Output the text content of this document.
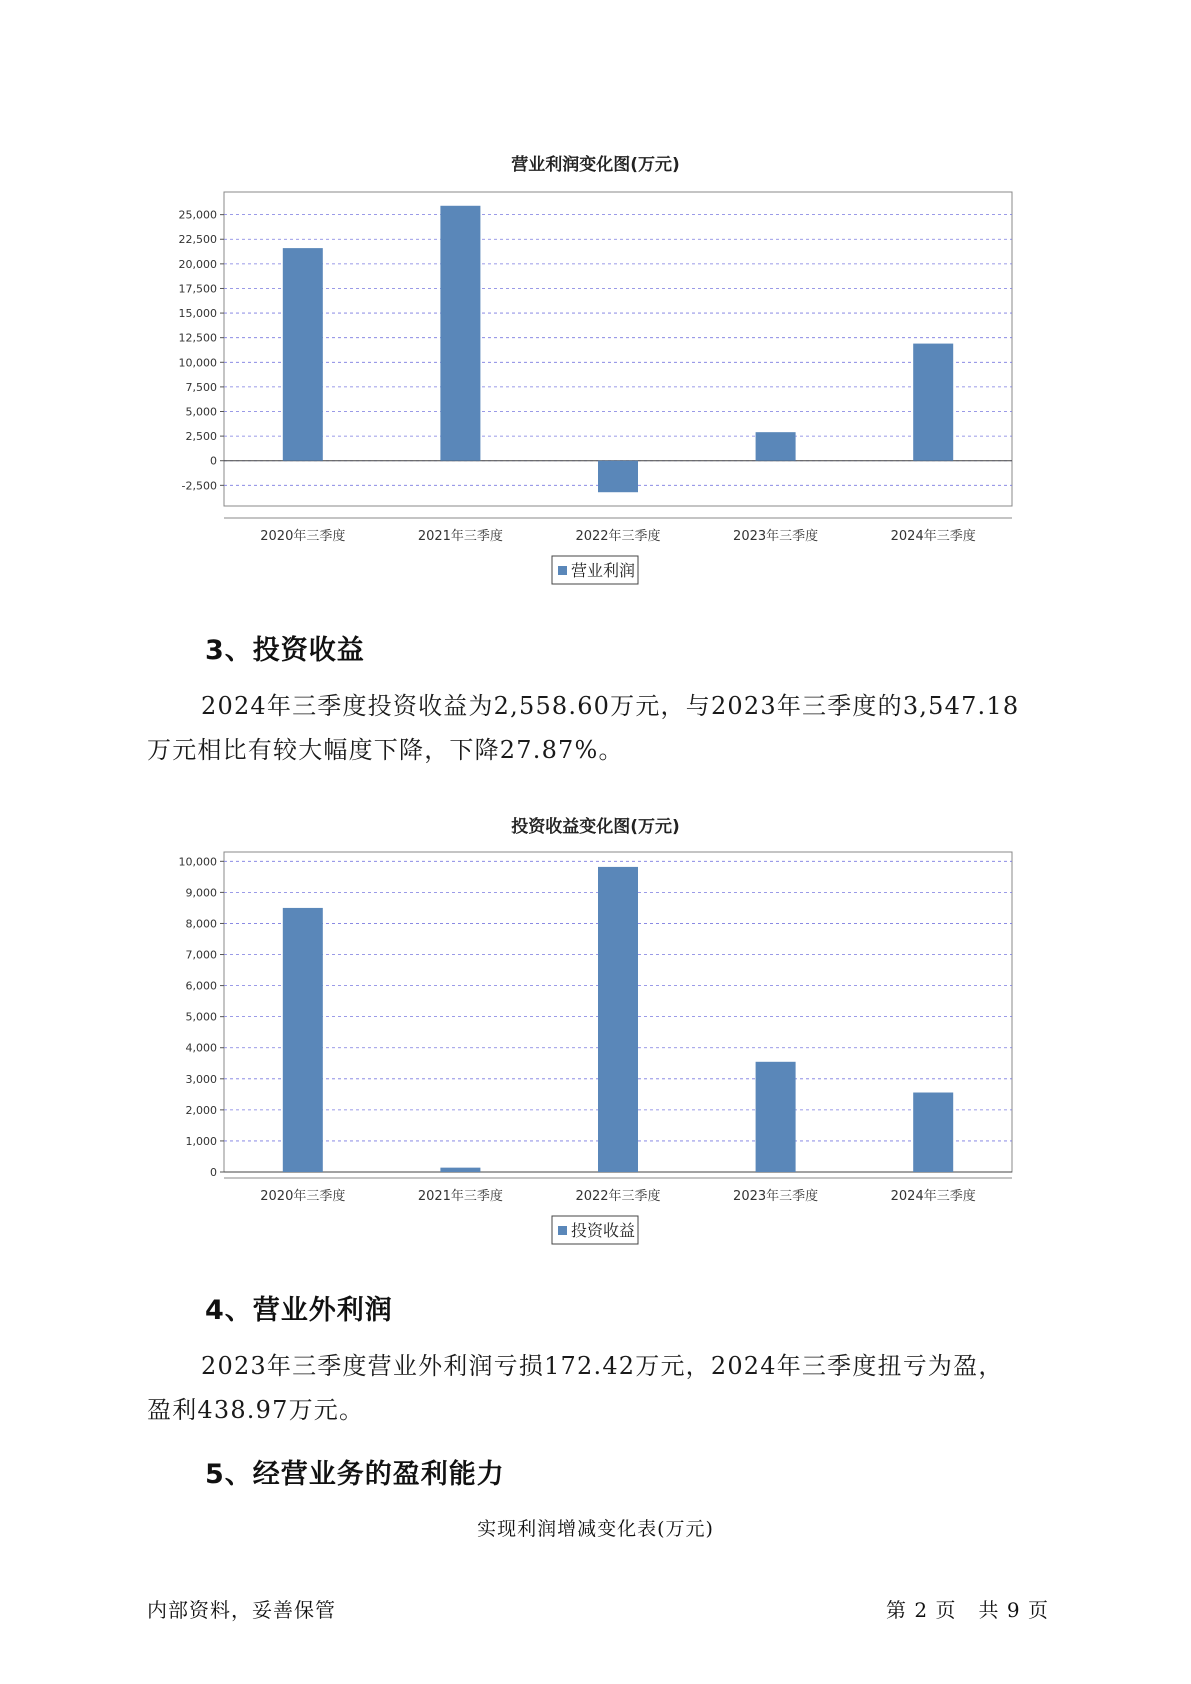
营业利润变化图(万元)
25,000
22,500
20,000
17,500
15,000
12,500
10,000
7,500
5,000
2,500
0
-2,500
2020年三季度	2021年三季度	2022年三季度	2023年三季度	2024年三季度
营业利润
3、投资收益
2024年三季度投资收益为2,558.60万元，与2023年三季度的3,547.18
万元相比有较大幅度下降，下降27.87%。
投资收益变化图(万元)
10,000
9,000
8,000
7,000
6,000
5,000
4,000
3,000
2,000
1,000
0
2020年三季度	2021年三季度	2022年三季度	2023年三季度	2024年三季度
投资收益
4、营业外利润
2023年三季度营业外利润亏损172.42万元，2024年三季度扭亏为盈，
盈利438.97万元。
5、经营业务的盈利能力
实现利润增减变化表(万元)
内部资料，妥善保管	第 2 页   共 9 页
